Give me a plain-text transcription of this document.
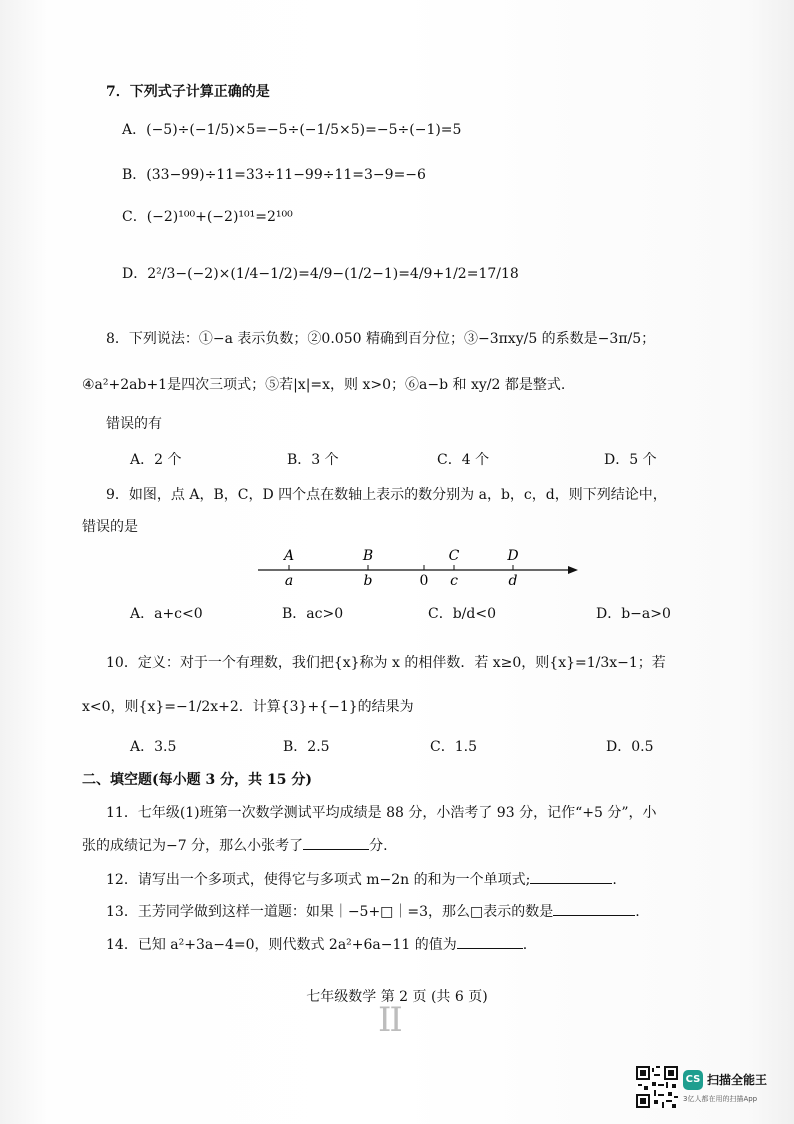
7．下列式子计算正确的是
A．(−5)÷(−1/5)×5=−5÷(−1/5×5)=−5÷(−1)=5
B．(33−99)÷11=33÷11−99÷11=3−9=−6
C．(−2)¹⁰⁰+(−2)¹⁰¹=2¹⁰⁰
D．2²/3−(−2)×(1/4−1/2)=4/9−(1/2−1)=4/9+1/2=17/18
8．下列说法：①−a 表示负数；②0.050 精确到百分位；③−3πxy/5 的系数是−3π/5；
④a²+2ab+1是四次三项式；⑤若|x|=x，则 x>0；⑥a−b 和 xy/2 都是整式.
错误的有
A．2 个	B．3 个	C．4 个	D．5 个
9．如图，点 A，B，C，D 四个点在数轴上表示的数分别为 a，b，c，d，则下列结论中，
错误的是
A	B	C	D
a	b	0 c	d
A．a+c<0	B．ac>0	C．b/d<0	D．b−a>0
10．定义：对于一个有理数，我们把{x}称为 x 的相伴数．若 x≥0，则{x}=1/3x−1；若
x<0，则{x}=−1/2x+2．计算{3}+{−1}的结果为
A．3.5	B．2.5	C．1.5	D．0.5
二、填空题(每小题 3 分，共 15 分)
11．七年级(1)班第一次数学测试平均成绩是 88 分，小浩考了 93 分，记作“+5 分”，小
张的成绩记为−7 分，那么小张考了	分.
12．请写出一个多项式，使得它与多项式 m−2n 的和为一个单项式;	.
13．王芳同学做到这样一道题：如果｜−5+□｜=3，那么□表示的数是	.
14．已知 a²+3a−4=0，则代数式 2a²+6a−11 的值为	.
七年级数学 第 2 页 (共 6 页)
II
CS 扫描全能王
3亿人都在用的扫描App
